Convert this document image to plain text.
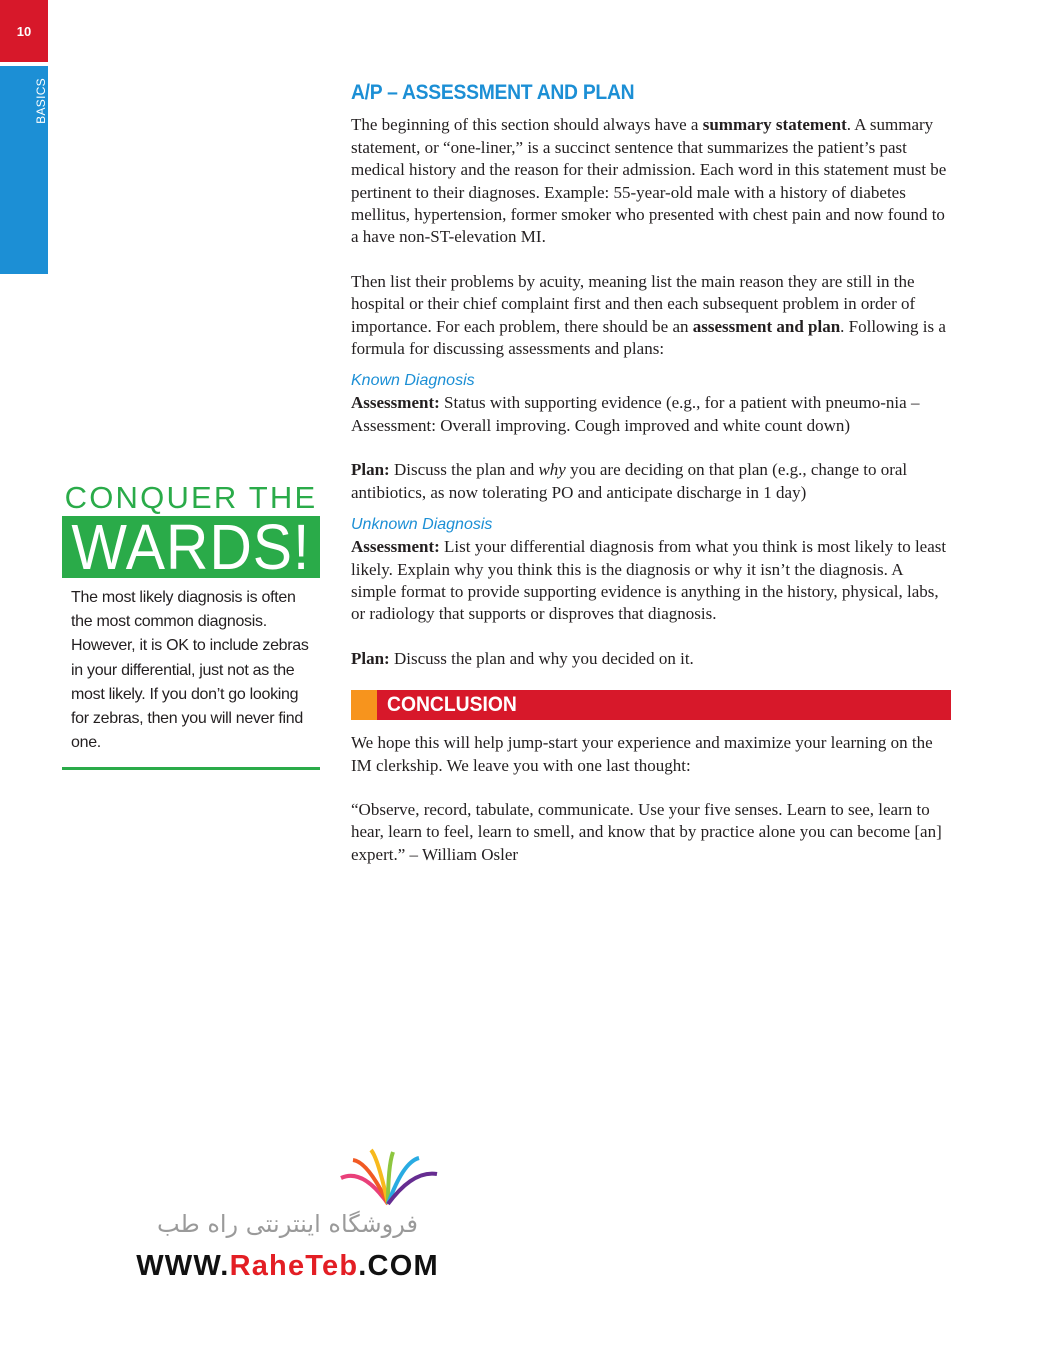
10
BASICS	A/P – ASSESSMENT AND PLAN

The beginning of this section should always have a summary statement. A summary statement, or “one-liner,” is a succinct sentence that summarizes the patient’s past medical history and the reason for their admission. Each word in this statement must be pertinent to their diagnoses. Example: 55-year-old male with a history of diabetes mellitus, hypertension, former smoker who presented with chest pain and now found to a have non-ST-elevation MI.

Then list their problems by acuity, meaning list the main reason they are still in the hospital or their chief complaint first and then each subsequent problem in order of importance. For each problem, there should be an assessment and plan. Following is a formula for discussing assessments and plans:

Known Diagnosis

Assessment: Status with supporting evidence (e.g., for a patient with pneumo-nia – Assessment: Overall improving. Cough improved and white count down)

Plan: Discuss the plan and why you are deciding on that plan (e.g., change to oral antibiotics, as now tolerating PO and anticipate discharge in 1 day)

Unknown Diagnosis

Assessment: List your differential diagnosis from what you think is most likely to least likely. Explain why you think this is the diagnosis or why it isn’t the diagnosis. A simple format to provide supporting evidence is anything in the history, physical, labs, or radiology that supports or disproves that diagnosis.

Plan: Discuss the plan and why you decided on it.

CONCLUSION

We hope this will help jump-start your experience and maximize your learning on the IM clerkship. We leave you with one last thought:

“Observe, record, tabulate, communicate. Use your five senses. Learn to see, learn to hear, learn to feel, learn to smell, and know that by practice alone you can become [an] expert.” – William Osler

CONQUER THE
WARDS!
The most likely diagnosis is often the most common diagnosis. However, it is OK to include zebras in your differential, just not as the most likely. If you don’t go looking for zebras, then you will never find one.
فروشگاه اینترنتی راه طب
WWW.RaheTeb.COM
